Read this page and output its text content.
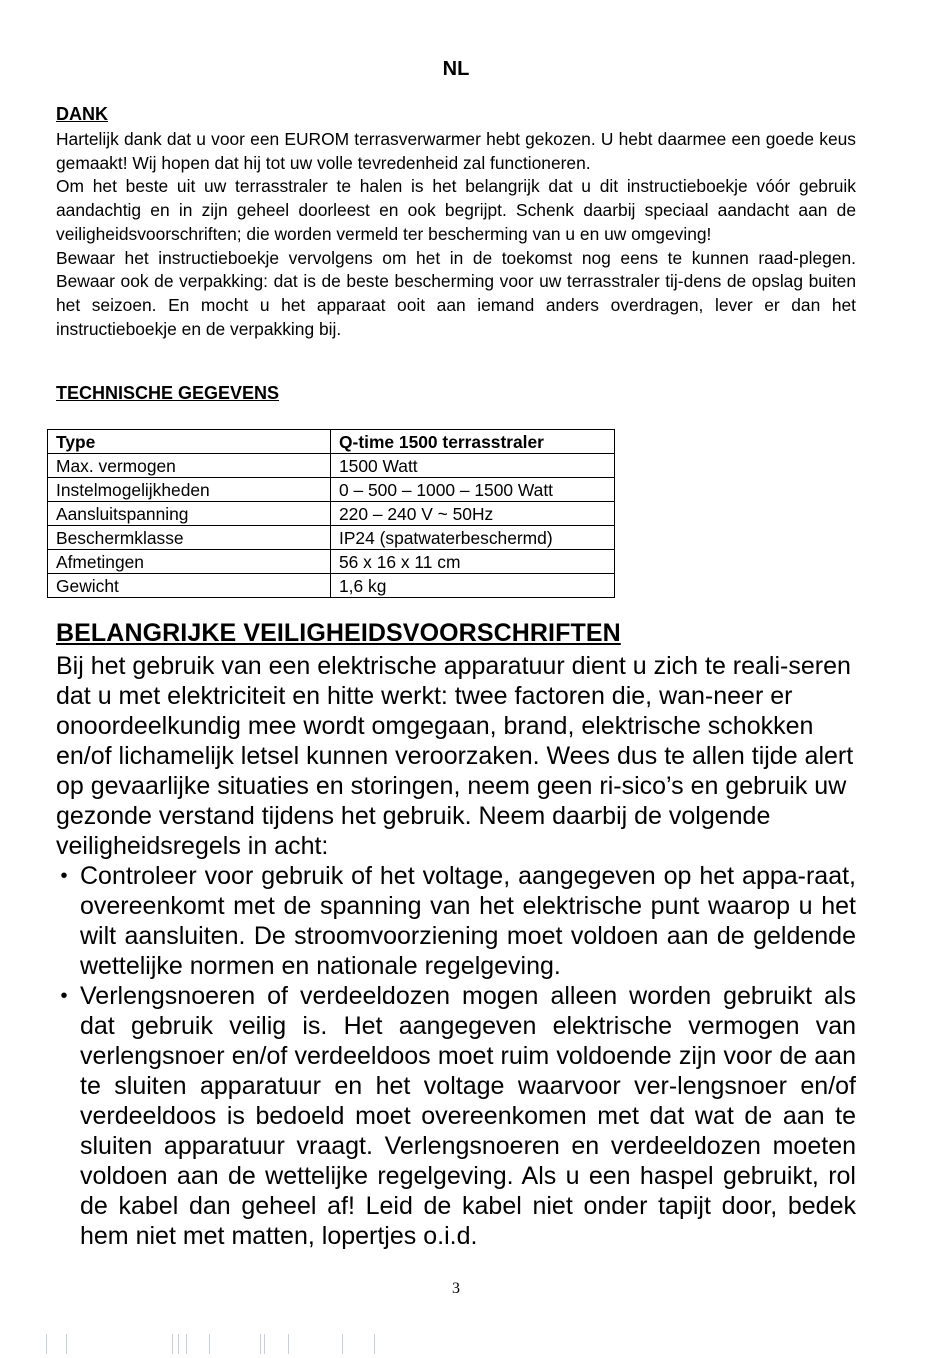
NL
DANK

Hartelijk dank dat u voor een EUROM terrasverwarmer hebt gekozen. U hebt daarmee een goede keus gemaakt! Wij hopen dat hij tot uw volle tevredenheid zal functioneren.

Om het beste uit uw terrasstraler te halen is het belangrijk dat u dit instructieboekje vóór gebruik aandachtig en in zijn geheel doorleest en ook begrijpt. Schenk daarbij speciaal aandacht aan de veiligheidsvoorschriften; die worden vermeld ter bescherming van u en uw omgeving!

Bewaar het instructieboekje vervolgens om het in de toekomst nog eens te kunnen raad-plegen. Bewaar ook de verpakking: dat is de beste bescherming voor uw terrasstraler tij-dens de opslag buiten het seizoen. En mocht u het apparaat ooit aan iemand anders overdragen, lever er dan het instructieboekje en de verpakking bij.

TECHNISCHE GEGEVENS
Type	Q-time 1500 terrasstraler
Max. vermogen	1500 Watt
Instelmogelijkheden	0 – 500 – 1000 – 1500 Watt
Aansluitspanning	220 – 240 V ~ 50Hz
Beschermklasse	IP24 (spatwaterbeschermd)
Afmetingen	56 x 16 x 11 cm
Gewicht	1,6 kg
BELANGRIJKE VEILIGHEIDSVOORSCHRIFTEN

Bij het gebruik van een elektrische apparatuur dient u zich te reali-seren dat u met elektriciteit en hitte werkt: twee factoren die, wan-neer er onoordeelkundig mee wordt omgegaan, brand, elektrische schokken en/of lichamelijk letsel kunnen veroorzaken. Wees dus te allen tijde alert op gevaarlijke situaties en storingen, neem geen ri-sico’s en gebruik uw gezonde verstand tijdens het gebruik. Neem daarbij de volgende veiligheidsregels in acht:

• Controleer voor gebruik of het voltage, aangegeven op het appa-raat, overeenkomt met de spanning van het elektrische punt waarop u het wilt aansluiten. De stroomvoorziening moet voldoen aan de geldende wettelijke normen en nationale regelgeving.
• Verlengsnoeren of verdeeldozen mogen alleen worden gebruikt als dat gebruik veilig is. Het aangegeven elektrische vermogen van verlengsnoer en/of verdeeldoos moet ruim voldoende zijn voor de aan te sluiten apparatuur en het voltage waarvoor ver-lengsnoer en/of verdeeldoos is bedoeld moet overeenkomen met dat wat de aan te sluiten apparatuur vraagt. Verlengsnoeren en verdeeldozen moeten voldoen aan de wettelijke regelgeving. Als u een haspel gebruikt, rol de kabel dan geheel af! Leid de kabel niet onder tapijt door, bedek hem niet met matten, lopertjes o.i.d.
3
